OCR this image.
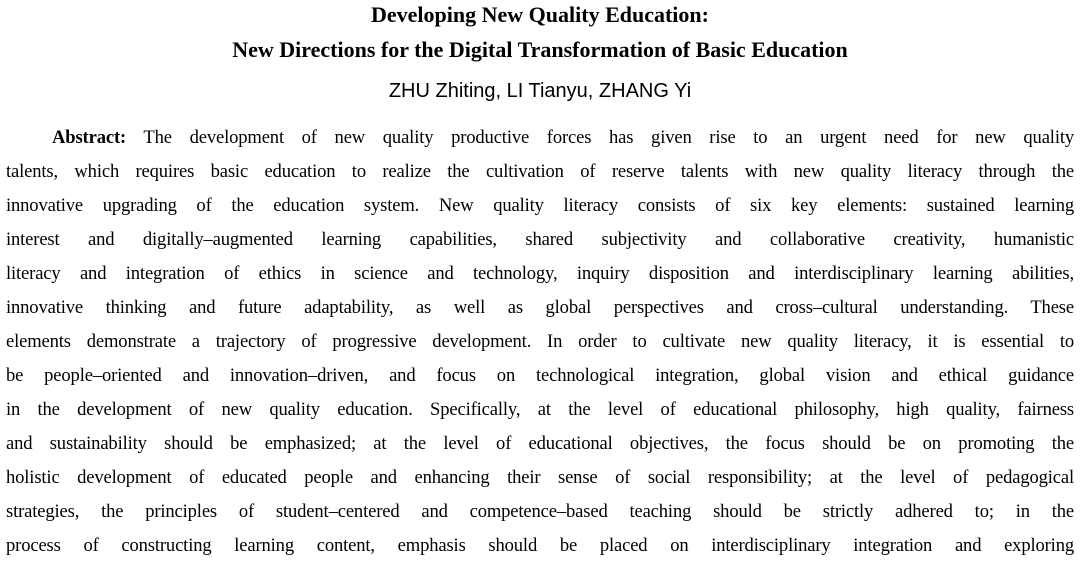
Developing New Quality Education:
New Directions for the Digital Transformation of Basic Education
ZHU Zhiting, LI Tianyu, ZHANG Yi
Abstract: The development of new quality productive forces has given rise to an urgent need for new quality
talents, which requires basic education to realize the cultivation of reserve talents with new quality literacy through the
innovative upgrading of the education system. New quality literacy consists of six key elements: sustained learning
interest and digitally–augmented learning capabilities, shared subjectivity and collaborative creativity, humanistic
literacy and integration of ethics in science and technology, inquiry disposition and interdisciplinary learning abilities,
innovative thinking and future adaptability, as well as global perspectives and cross–cultural understanding. These
elements demonstrate a trajectory of progressive development. In order to cultivate new quality literacy, it is essential to
be people–oriented and innovation–driven, and focus on technological integration, global vision and ethical guidance
in the development of new quality education. Specifically, at the level of educational philosophy, high quality, fairness
and sustainability should be emphasized; at the level of educational objectives, the focus should be on promoting the
holistic development of educated people and enhancing their sense of social responsibility; at the level of pedagogical
strategies, the principles of student–centered and competence–based teaching should be strictly adhered to; in the
process of constructing learning content, emphasis should be placed on interdisciplinary integration and exploring
